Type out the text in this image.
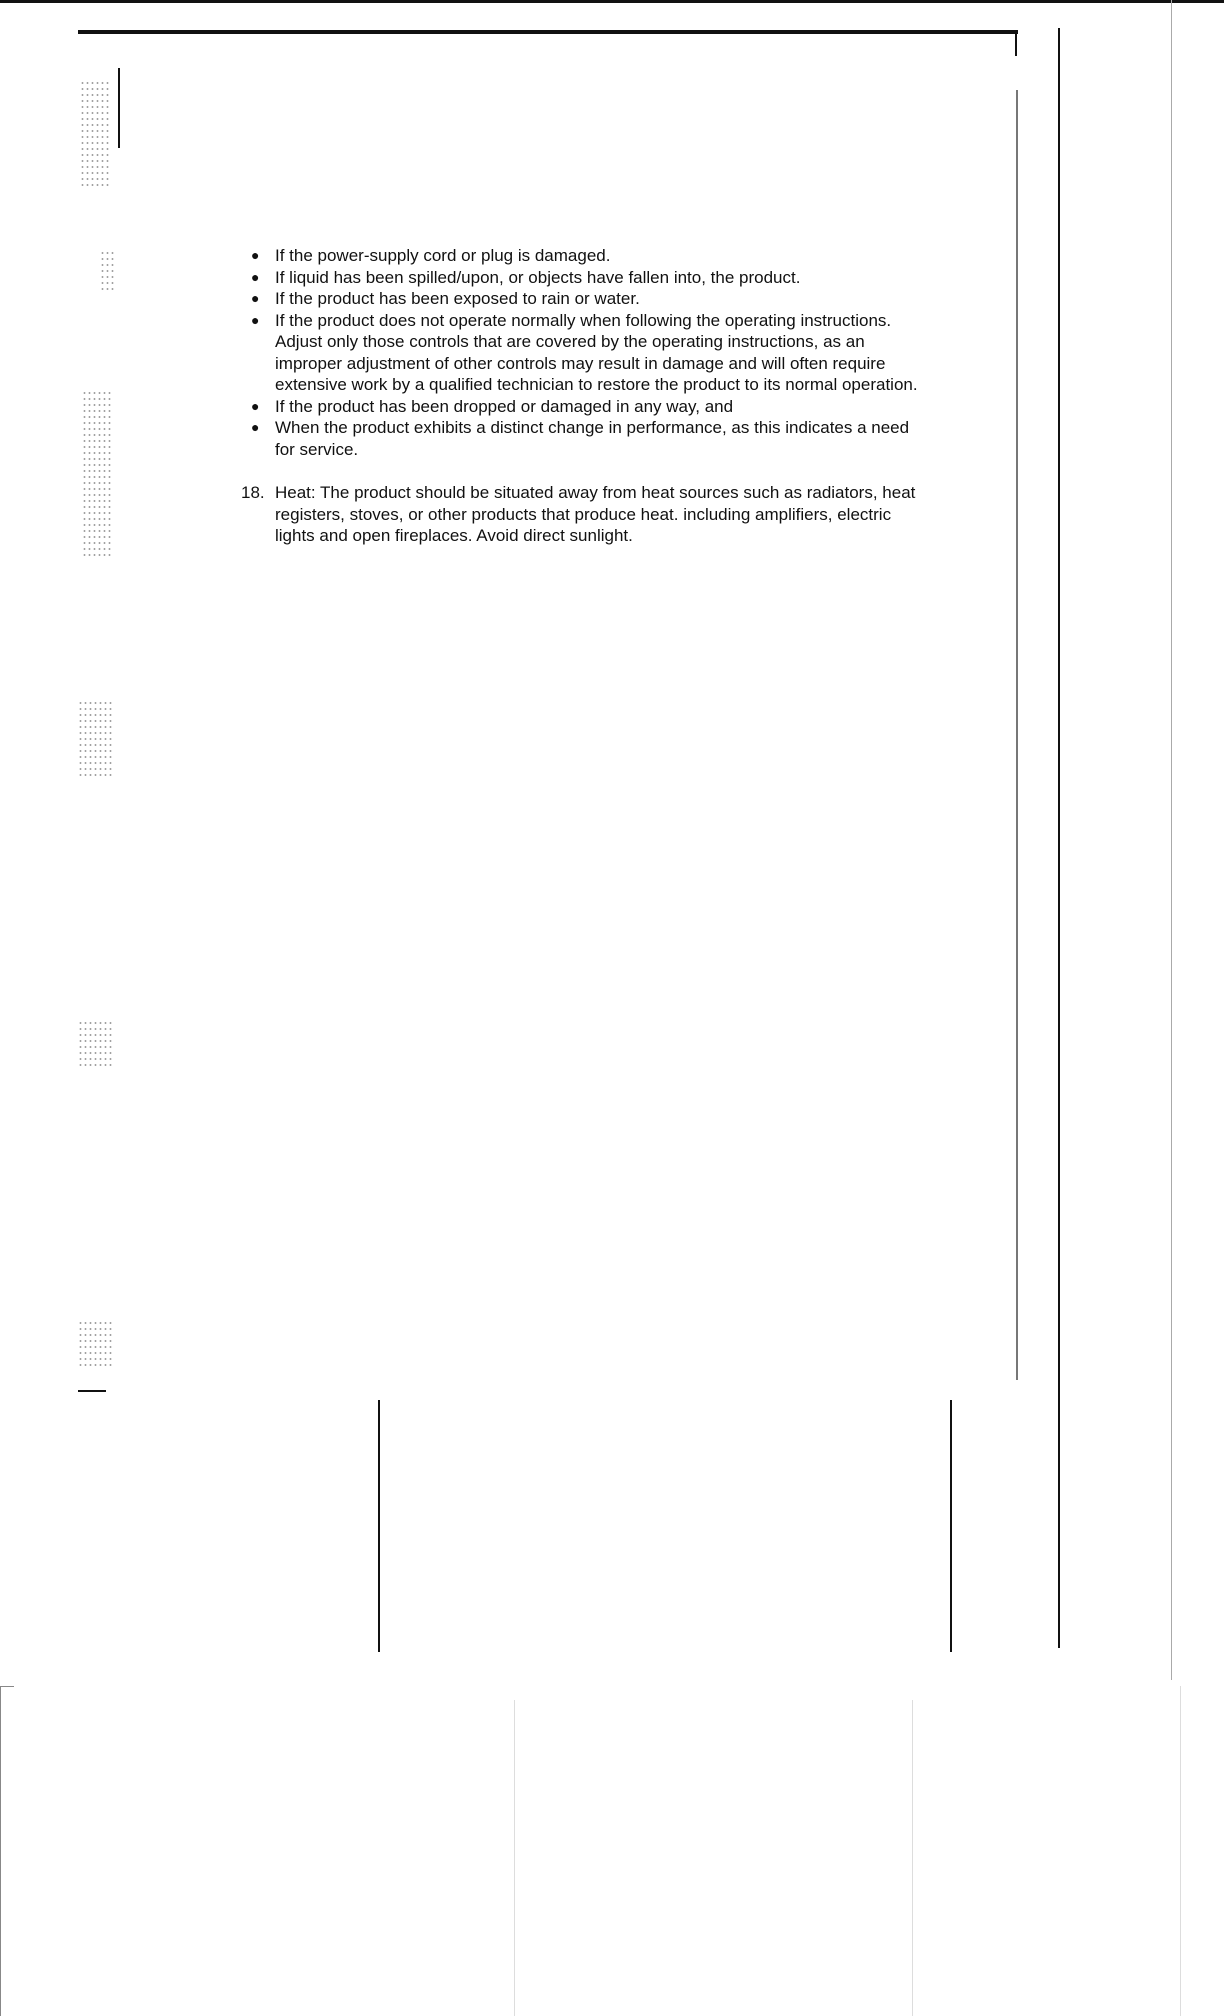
● If the power-supply cord or plug is damaged.
● If liquid has been spilled/upon, or objects have fallen into, the product.
● If the product has been exposed to rain or water.
● If the product does not operate normally when following the operating instructions. Adjust only those controls that are covered by the operating instructions, as an improper adjustment of other controls may result in damage and will often require extensive work by a qualified technician to restore the product to its normal operation.
● If the product has been dropped or damaged in any way, and
● When the product exhibits a distinct change in performance, as this indicates a need for service.
18. Heat: The product should be situated away from heat sources such as radiators, heat registers, stoves, or other products that produce heat. including amplifiers, electric lights and open fireplaces. Avoid direct sunlight.
